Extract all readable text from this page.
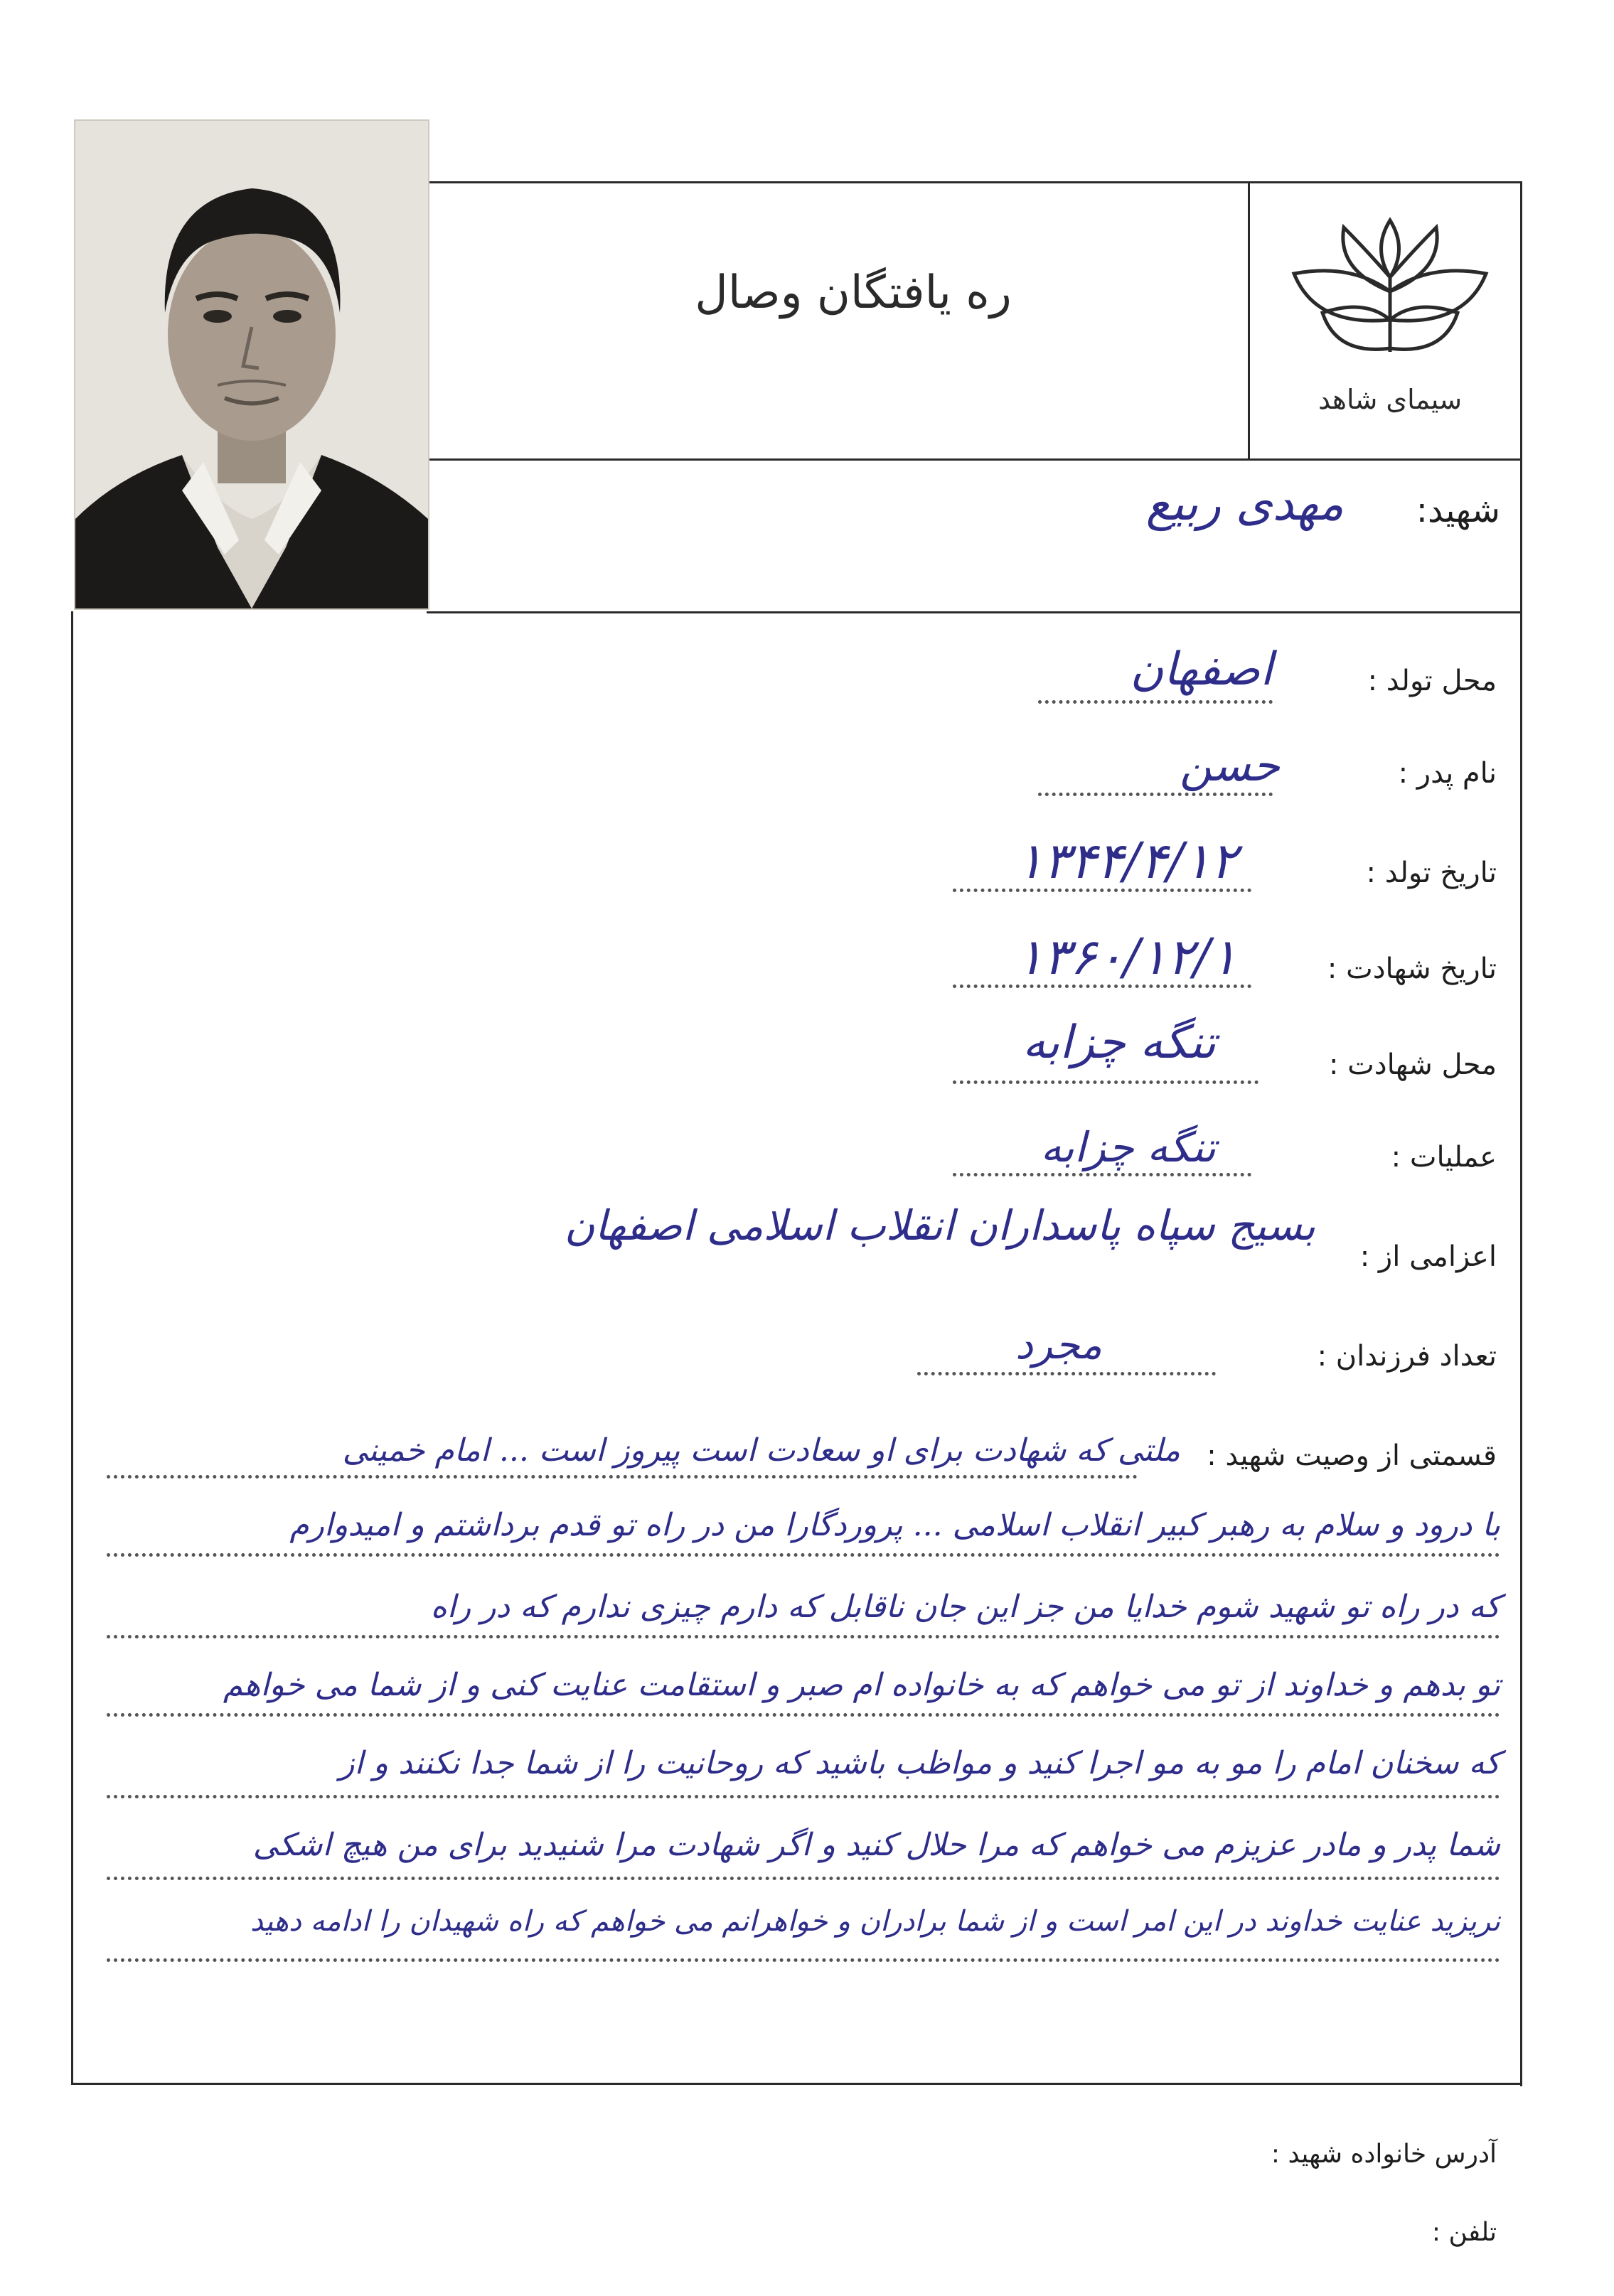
ره یافتگان وصال
سیمای شاهد
شهید:
مهدی ربیع
محل تولد :
اصفهان
نام پدر :
حسن
تاریخ تولد :
۱۳۴۴/۴/۱۲
تاریخ شهادت :
۱۳۶۰/۱۲/۱
محل شهادت :
تنگه چزابه
عملیات :
تنگه چزابه
اعزامی از :
بسیج سپاه پاسداران انقلاب اسلامی اصفهان
تعداد فرزندان :
مجرد
قسمتی از وصیت شهید :
ملتی که شهادت برای او سعادت است پیروز است ... امام خمینی
با درود و سلام به رهبر کبیر انقلاب اسلامی ... پروردگارا من در راه تو قدم برداشتم و امیدوارم
که در راه تو شهید شوم خدایا من جز این جان ناقابل که دارم چیزی ندارم که در راه
تو بدهم و خداوند از تو می خواهم که به خانواده ام صبر و استقامت عنایت کنی و از شما می خواهم
که سخنان امام را مو به مو اجرا کنید و مواظب باشید که روحانیت را از شما جدا نکنند و از
شما پدر و مادر عزیزم می خواهم که مرا حلال کنید و اگر شهادت مرا شنیدید برای من هیچ اشکی
نریزید عنایت خداوند در این امر است و از شما برادران و خواهرانم می خواهم که راه شهیدان را ادامه دهید
آدرس خانواده شهید :
تلفن :
